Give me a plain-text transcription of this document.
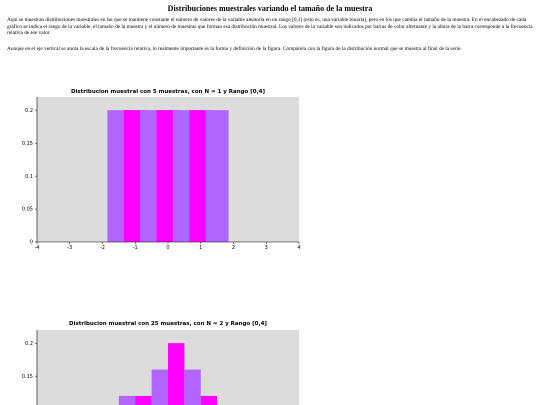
Distribuciones muestrales variando el tamaño de la muestra

Aquí se muestran distribuciones muestrales en las que se mantiene constante el número de valores de la variable aleatoria en un rango [0,1] (esto es, una variable binaria), pero en los que cambia el tamaño de la muestra. En el encabezado de cada gráfico se indica el rango de la variable, el tamaño de la muestra y el número de muestras que forman esa distribución muestral. Los valores de la variable son indicados por barras de color alternante y la altura de la barra corresponde a la frecuencia relativa de ese valor.

Aunque en el eje vertical se anota la escala de la frecuencia relativa, lo realmente importante es la forma y definición de la figura. Compárela con la figura de la distribución normal que se muestra al final de la serie.

Distribucion muestral con 5 muestras, con N = 1 y Rango [0,4]
Distribucion muestral con 25 muestras, con N = 2 y Rango [0,4]
0
0.05
0.1
0.15
0.2
-4	-3	-2	-1	0	1	2	3	4
0.15
0.2
